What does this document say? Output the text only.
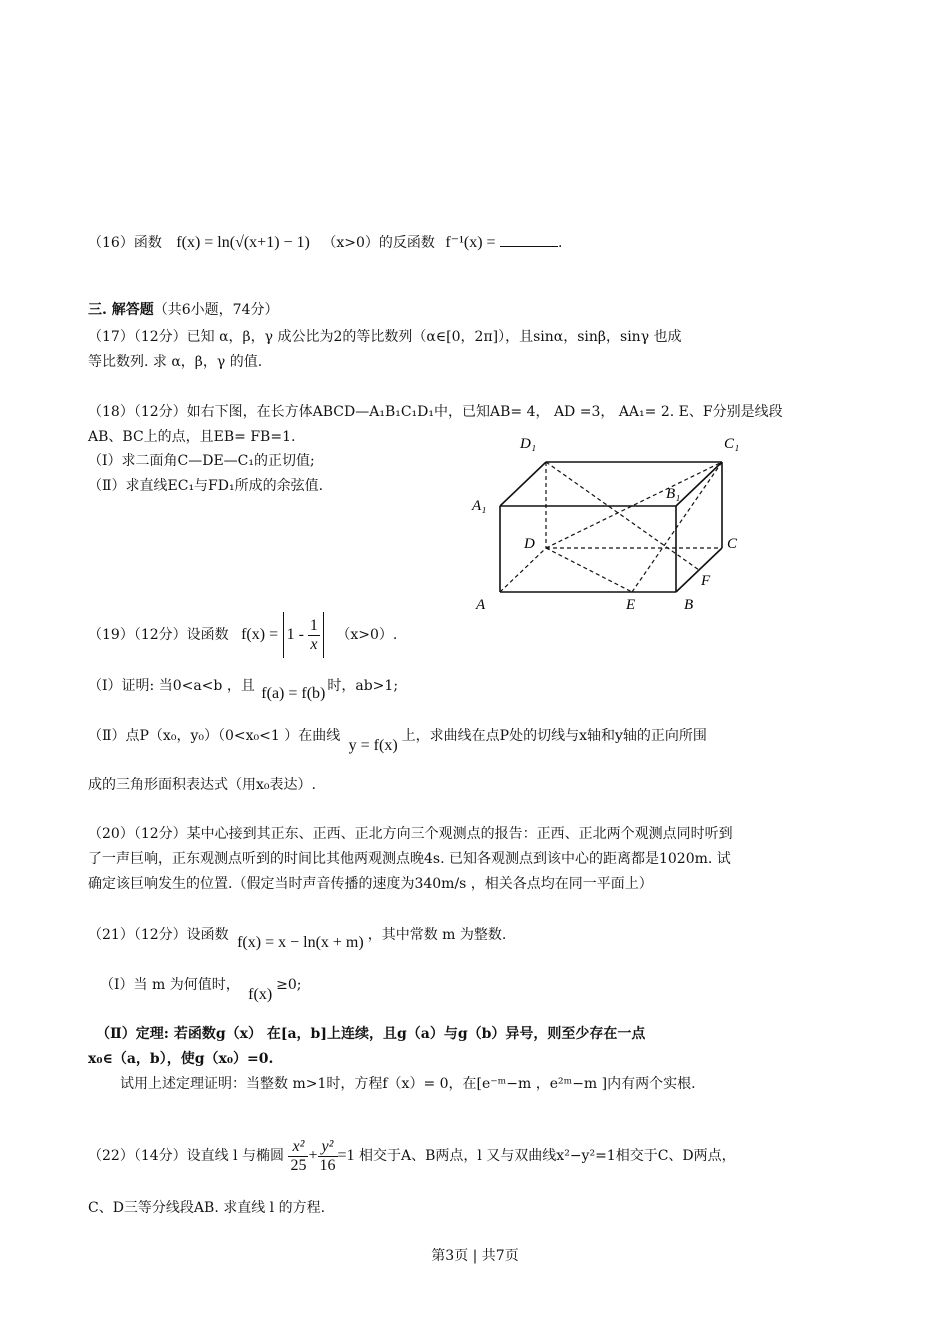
（16）函数 f(x) = ln(√(x+1) − 1) （x>0）的反函数 f⁻¹(x) =	.
三. 解答题（共6小题，74分）
（17）（12分）已知 α，β，γ 成公比为2的等比数列（α∈[0，2π]），且sinα，sinβ，sinγ 也成
等比数列. 求 α，β，γ 的值.
（18）（12分）如右下图，在长方体ABCD—A₁B₁C₁D₁中，已知AB= 4， AD =3， AA₁= 2. E、F分别是线段
AB、BC上的点，且EB= FB=1.
（Ⅰ）求二面角C—DE—C₁的正切值;
（Ⅱ）求直线EC₁与FD₁所成的余弦值.
D₁	C₁
B₁
A₁
D	C
F
A	E	B
（19）（12分）设函数 $f(x) = 1 - \frac{1}{x} (x>0)$.
（Ⅰ）证明: 当0<a<b ，且 f(a) = f(b) 时，ab>1;
（Ⅱ）点P（x₀，y₀）（0<x₀<1 ）在曲线 y = f(x)上，求曲线在点P处的切线与x轴和y轴的正向所围
成的三角形面积表达式（用x₀表达）.
（20）（12分）某中心接到其正东、正西、正北方向三个观测点的报告：正西、正北两个观测点同时听到
了一声巨响，正东观测点听到的时间比其他两观测点晚4s. 已知各观测点到该中心的距离都是1020m. 试
确定该巨响发生的位置.（假定当时声音传播的速度为340m/s ，相关各点均在同一平面上）
（21）（12分）设函数 f(x) = x − ln(x + m) ，其中常数 m 为整数.
（Ⅰ）当 m 为何值时， f(x)≥0;
（Ⅱ）定理: 若函数g（x） 在[a，b]上连续，且g（a）与g（b）异号，则至少存在一点
x₀∈（a，b），使g（x₀）=0.
试用上述定理证明：当整数 m>1时，方程f（x）= 0，在[e⁻ᵐ−m ，e²ᵐ−m ]内有两个实根.
（22）（14分）设直线 l 与椭圆 $\frac{\text{x²}}{25} + \frac{\text{y²}}{16} =1$ 相交于A、B两点，l 又与双曲线x²−y²=1相交于C、D两点，
C、D三等分线段AB. 求直线 l 的方程.
第3页 | 共7页
